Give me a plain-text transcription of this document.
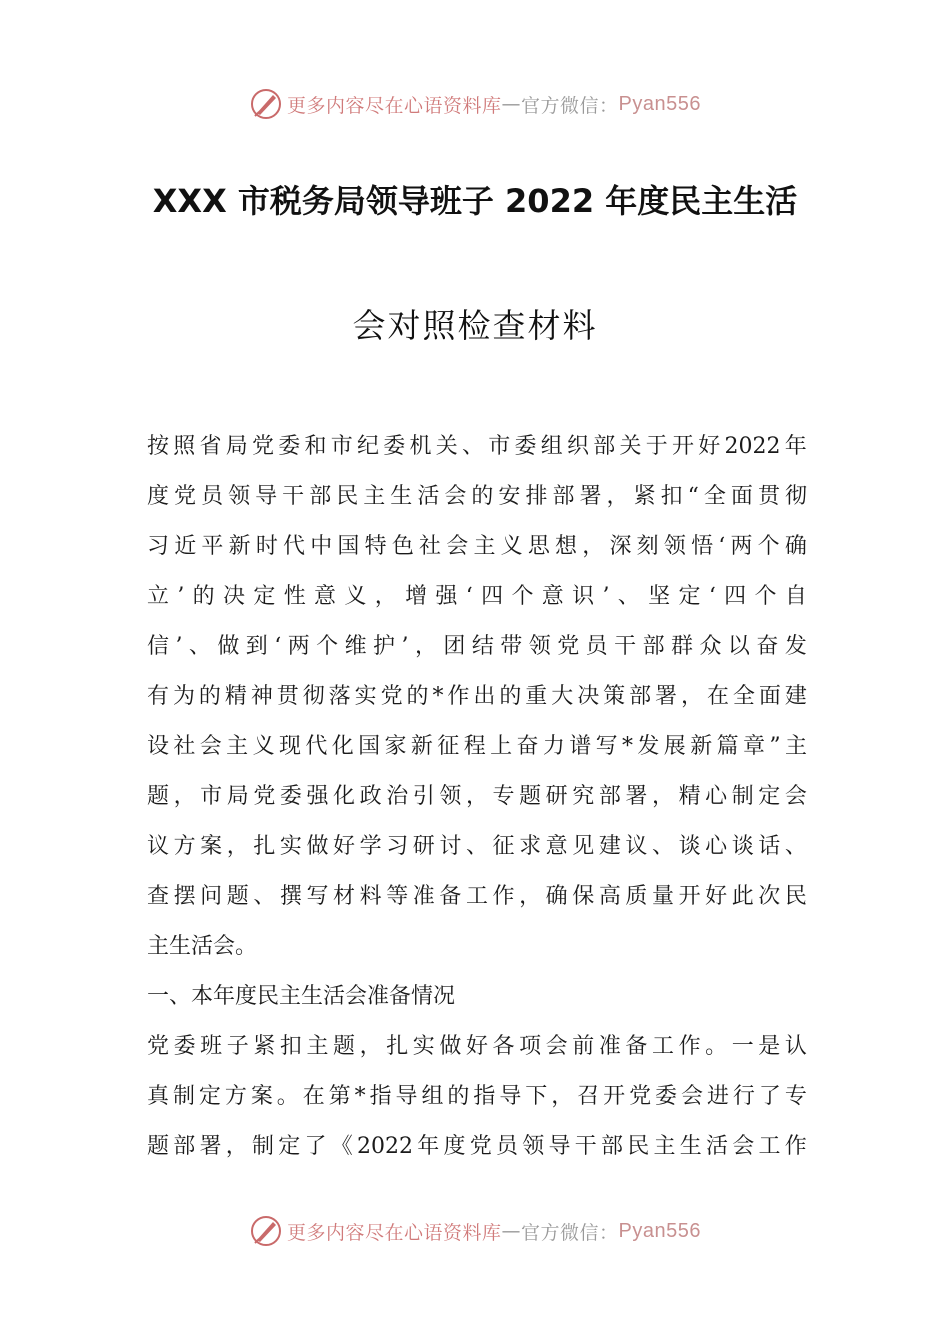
更多内容尽在心语资料库 — 官方微信： Pyan556
XXX 市税务局领导班子 2022 年度民主生活
会对照检查材料
按 照 省 局 党 委 和 市 纪 委 机 关 、 市 委 组 织 部 关 于 开 好 2022 年
度 党 员 领 导 干 部 民 主 生 活 会 的 安 排 部 署 ， 紧 扣 “ 全 面 贯 彻
习 近 平 新 时 代 中 国 特 色 社 会 主 义 思 想 ， 深 刻 领 悟 ‘ 两 个 确
立 ’ 的 决 定 性 意 义 ， 增 强 ‘ 四 个 意 识 ’ 、 坚 定 ‘ 四 个 自
信 ’ 、 做 到 ‘ 两 个 维 护 ’ ， 团 结 带 领 党 员 干 部 群 众 以 奋 发
有 为 的 精 神 贯 彻 落 实 党 的 * 作 出 的 重 大 决 策 部 署 ， 在 全 面 建
设 社 会 主 义 现 代 化 国 家 新 征 程 上 奋 力 谱 写 * 发 展 新 篇 章 ” 主
题 ， 市 局 党 委 强 化 政 治 引 领 ， 专 题 研 究 部 署 ， 精 心 制 定 会
议 方 案 ， 扎 实 做 好 学 习 研 讨 、 征 求 意 见 建 议 、 谈 心 谈 话 、
查 摆 问 题 、 撰 写 材 料 等 准 备 工 作 ， 确 保 高 质 量 开 好 此 次 民
主生活会。
一、本年度民主生活会准备情况
党 委 班 子 紧 扣 主 题 ， 扎 实 做 好 各 项 会 前 准 备 工 作 。 一 是 认
真 制 定 方 案 。 在 第 * 指 导 组 的 指 导 下 ， 召 开 党 委 会 进 行 了 专
题 部 署 ， 制 定 了 《 2022 年 度 党 员 领 导 干 部 民 主 生 活 会 工 作
更多内容尽在心语资料库 — 官方微信： Pyan556
